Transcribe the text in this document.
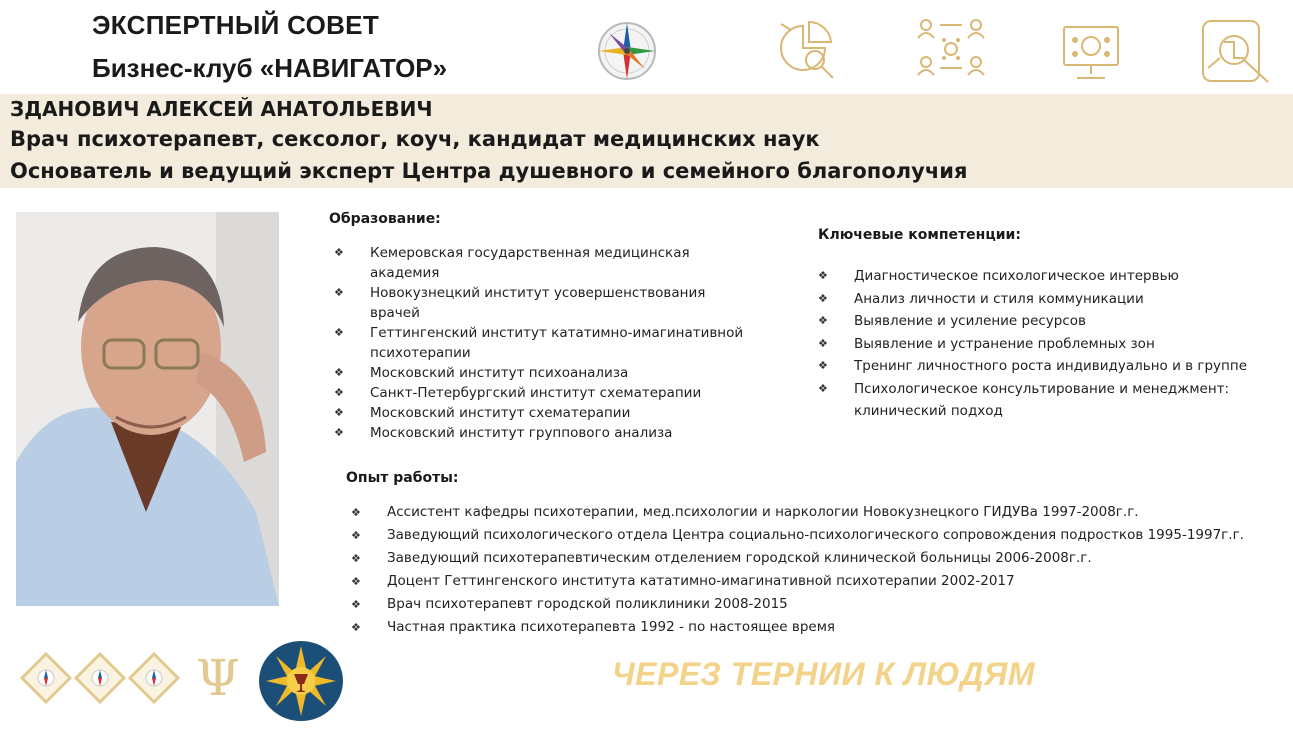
ЭКСПЕРТНЫЙ СОВЕТ
Бизнес-клуб «НАВИГАТОР»
ЗДАНОВИЧ АЛЕКСЕЙ АНАТОЛЬЕВИЧ
Врач психотерапевт, сексолог, коуч, кандидат медицинских наук
Основатель и ведущий эксперт Центра душевного и семейного благополучия
Образование:
❖ Кемеровская государственная медицинская академия
❖ Новокузнецкий институт усовершенствования врачей
❖ Геттингенский институт кататимно-имагинативной психотерапии
❖ Московский институт психоанализа
❖ Санкт-Петербургский институт схематерапии
❖ Московский институт схематерапии
❖ Московский институт группового анализа
Ключевые компетенции:
❖ Диагностическое психологическое интервью
❖ Анализ личности и стиля коммуникации
❖ Выявление и усиление ресурсов
❖ Выявление и устранение проблемных зон
❖ Тренинг личностного роста индивидуально и в группе
❖ Психологическое консультирование и менеджмент: клинический подход
Опыт работы:
❖ Ассистент кафедры психотерапии, мед.психологии и наркологии Новокузнецкого ГИДУВа 1997-2008г.г.
❖ Заведующий психологического отдела Центра социально-психологического сопровождения подростков 1995-1997г.г.
❖ Заведующий психотерапевтическим отделением городской клинической больницы 2006-2008г.г.
❖ Доцент Геттингенского института кататимно-имагинативной психотерапии 2002-2017
❖ Врач психотерапевт городской поликлиники 2008-2015
❖ Частная практика психотерапевта 1992 - по настоящее время
Ψ	ЧЕРЕЗ ТЕРНИИ К ЛЮДЯМ
